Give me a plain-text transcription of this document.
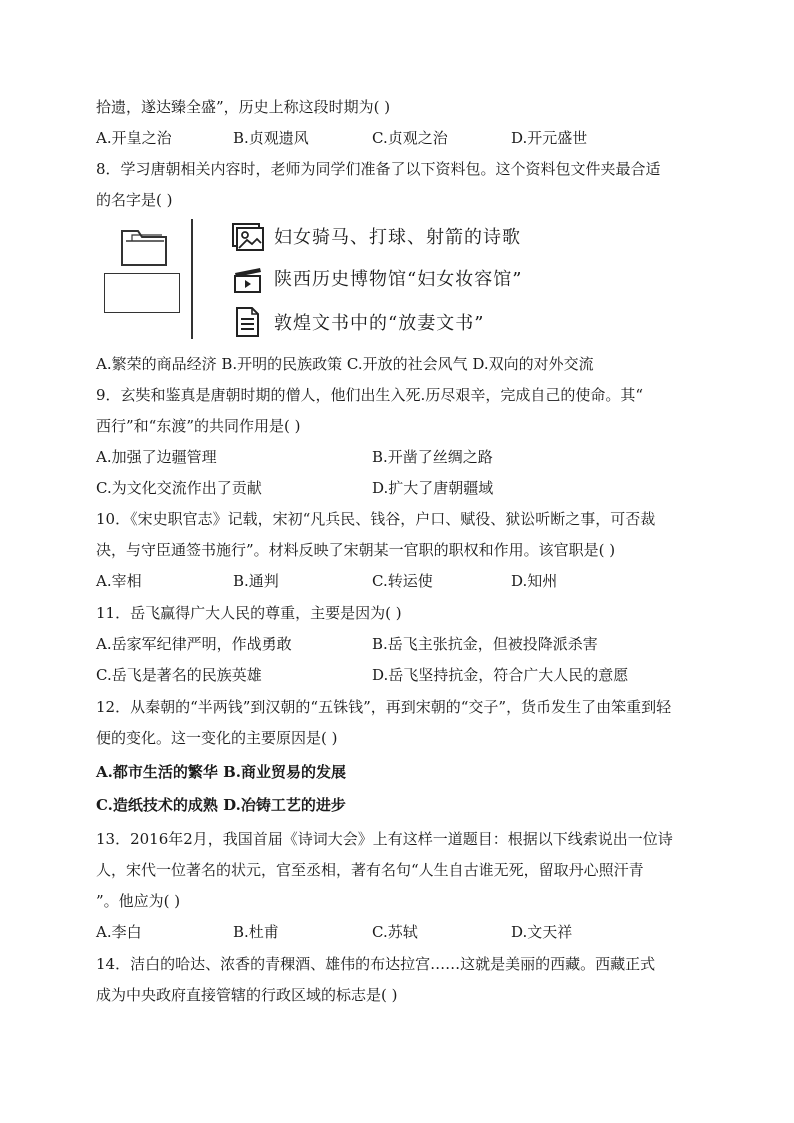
拾遗，遂达臻全盛”，历史上称这段时期为( )
A.开皇之治	B.贞观遗风	C.贞观之治	D.开元盛世
8．学习唐朝相关内容时，老师为同学们准备了以下资料包。这个资料包文件夹最合适
的名字是( )
妇女骑马、打球、射箭的诗歌
陕西历史博物馆“妇女妆容馆”
敦煌文书中的“放妻文书”
A.繁荣的商品经济 B.开明的民族政策 C.开放的社会风气 D.双向的对外交流
9．玄奘和鉴真是唐朝时期的僧人，他们出生入死.历尽艰辛，完成自己的使命。其“
西行”和“东渡”的共同作用是( )
A.加强了边疆管理	B.开凿了丝绸之路
C.为文化交流作出了贡献	D.扩大了唐朝疆域
10．《宋史职官志》记载，宋初“凡兵民、钱谷，户口、赋役、狱讼听断之事，可否裁
决，与守臣通签书施行”。材料反映了宋朝某一官职的职权和作用。该官职是( )
A.宰相	B.通判	C.转运使	D.知州
11．岳飞赢得广大人民的尊重，主要是因为( )
A.岳家军纪律严明，作战勇敢	B.岳飞主张抗金，但被投降派杀害
C.岳飞是著名的民族英雄	D.岳飞坚持抗金，符合广大人民的意愿
12．从秦朝的“半两钱”到汉朝的“五铢钱”，再到宋朝的“交子”，货币发生了由笨重到轻
便的变化。这一变化的主要原因是( )
A.都市生活的繁华 B.商业贸易的发展
C.造纸技术的成熟 D.冶铸工艺的进步
13．2016年2月，我国首届《诗词大会》上有这样一道题目：根据以下线索说出一位诗
人，宋代一位著名的状元，官至丞相，著有名句“人生自古谁无死，留取丹心照汗青
”。他应为( )
A.李白	B.杜甫	C.苏轼	D.文天祥
14．洁白的哈达、浓香的青稞酒、雄伟的布达拉宫……这就是美丽的西藏。西藏正式
成为中央政府直接管辖的行政区域的标志是( )
